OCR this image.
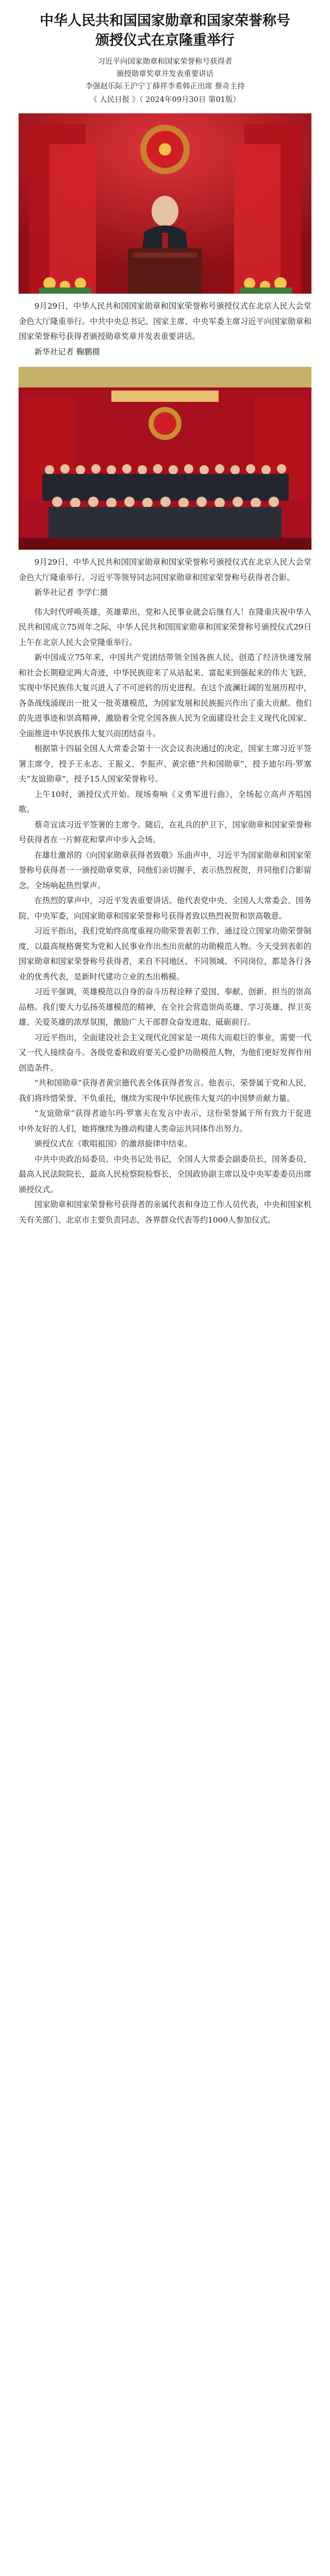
中华人民共和国国家勋章和国家荣誉称号
颁授仪式在京隆重举行

习近平向国家勋章和国家荣誉称号获得者

颁授勋章奖章并发表重要讲话

李强赵乐际王沪宁丁薛祥李希韩正出席 蔡奇主持

《 人民日报 》（ 2024年09月30日 第01版）

9月29日，中华人民共和国国家勋章和国家荣誉称号颁授仪式在北京人民大会堂金色大厅隆重举行。中共中央总书记、国家主席、中央军委主席习近平向国家勋章和国家荣誉称号获得者颁授勋章奖章并发表重要讲话。

新华社记者 鞠鹏摄

9月29日，中华人民共和国国家勋章和国家荣誉称号颁授仪式在北京人民大会堂金色大厅隆重举行。习近平等领导同志同国家勋章和国家荣誉称号获得者合影。

新华社记者 李学仁摄

伟大时代呼唤英雄，英雄辈出，党和人民事业就会后继有人！在隆重庆祝中华人民共和国成立75周年之际，中华人民共和国国家勋章和国家荣誉称号颁授仪式29日上午在北京人民大会堂隆重举行。

新中国成立75年来，中国共产党团结带领全国各族人民，创造了经济快速发展和社会长期稳定两大奇迹，中华民族迎来了从站起来、富起来到强起来的伟大飞跃，实现中华民族伟大复兴进入了不可逆转的历史进程。在这个波澜壮阔的发展历程中，各条战线涌现出一批又一批英雄模范，为国家发展和民族振兴作出了重大贡献。他们的先进事迹和崇高精神，激励着全党全国各族人民为全面建设社会主义现代化国家、全面推进中华民族伟大复兴而团结奋斗。

根据第十四届全国人大常委会第十一次会议表决通过的决定，国家主席习近平签署主席令，授予王永志、王振义、李振声、黄宗德“共和国勋章”，授予迪尔玛·罗塞夫“友谊勋章”，授予15人国家荣誉称号。

上午10时，颁授仪式开始。现场奏响《义勇军进行曲》，全场起立高声齐唱国歌。

蔡奇宣读习近平签署的主席令。随后，在礼兵的护卫下，国家勋章和国家荣誉称号获得者在一片鲜花和掌声中步入会场。

在雄壮激昂的《向国家勋章获得者致敬》乐曲声中，习近平为国家勋章和国家荣誉称号获得者一一颁授勋章奖章，同他们亲切握手，表示热烈祝贺，并同他们合影留念。全场响起热烈掌声。

在热烈的掌声中，习近平发表重要讲话。他代表党中央、全国人大常委会、国务院、中央军委，向国家勋章和国家荣誉称号获得者致以热烈祝贺和崇高敬意。

习近平指出，我们党始终高度重视功勋荣誉表彰工作，通过设立国家功勋荣誉制度，以最高规格褒奖为党和人民事业作出杰出贡献的功勋模范人物。今天受到表彰的国家勋章和国家荣誉称号获得者，来自不同地区、不同领域、不同岗位，都是各行各业的优秀代表，是新时代建功立业的杰出楷模。

习近平强调，英雄模范以自身的奋斗历程诠释了爱国、奉献、创新、担当的崇高品格。我们要大力弘扬英雄模范的精神，在全社会营造崇尚英雄、学习英雄、捍卫英雄、关爱英雄的浓厚氛围，激励广大干部群众奋发进取、砥砺前行。

习近平指出，全面建设社会主义现代化国家是一项伟大而艰巨的事业，需要一代又一代人接续奋斗。各级党委和政府要关心爱护功勋模范人物，为他们更好发挥作用创造条件。

“共和国勋章”获得者黄宗德代表全体获得者发言。他表示，荣誉属于党和人民，我们将珍惜荣誉、不负重托，继续为实现中华民族伟大复兴的中国梦贡献力量。

“友谊勋章”获得者迪尔玛·罗塞夫在发言中表示，这份荣誉属于所有致力于促进中外友好的人们，她将继续为推动构建人类命运共同体作出努力。

颁授仪式在《歌唱祖国》的激昂旋律中结束。

中共中央政治局委员、中央书记处书记，全国人大常委会副委员长，国务委员，最高人民法院院长，最高人民检察院检察长，全国政协副主席以及中央军委委员出席颁授仪式。

国家勋章和国家荣誉称号获得者的亲属代表和身边工作人员代表，中央和国家机关有关部门、北京市主要负责同志，各界群众代表等约1000人参加仪式。
